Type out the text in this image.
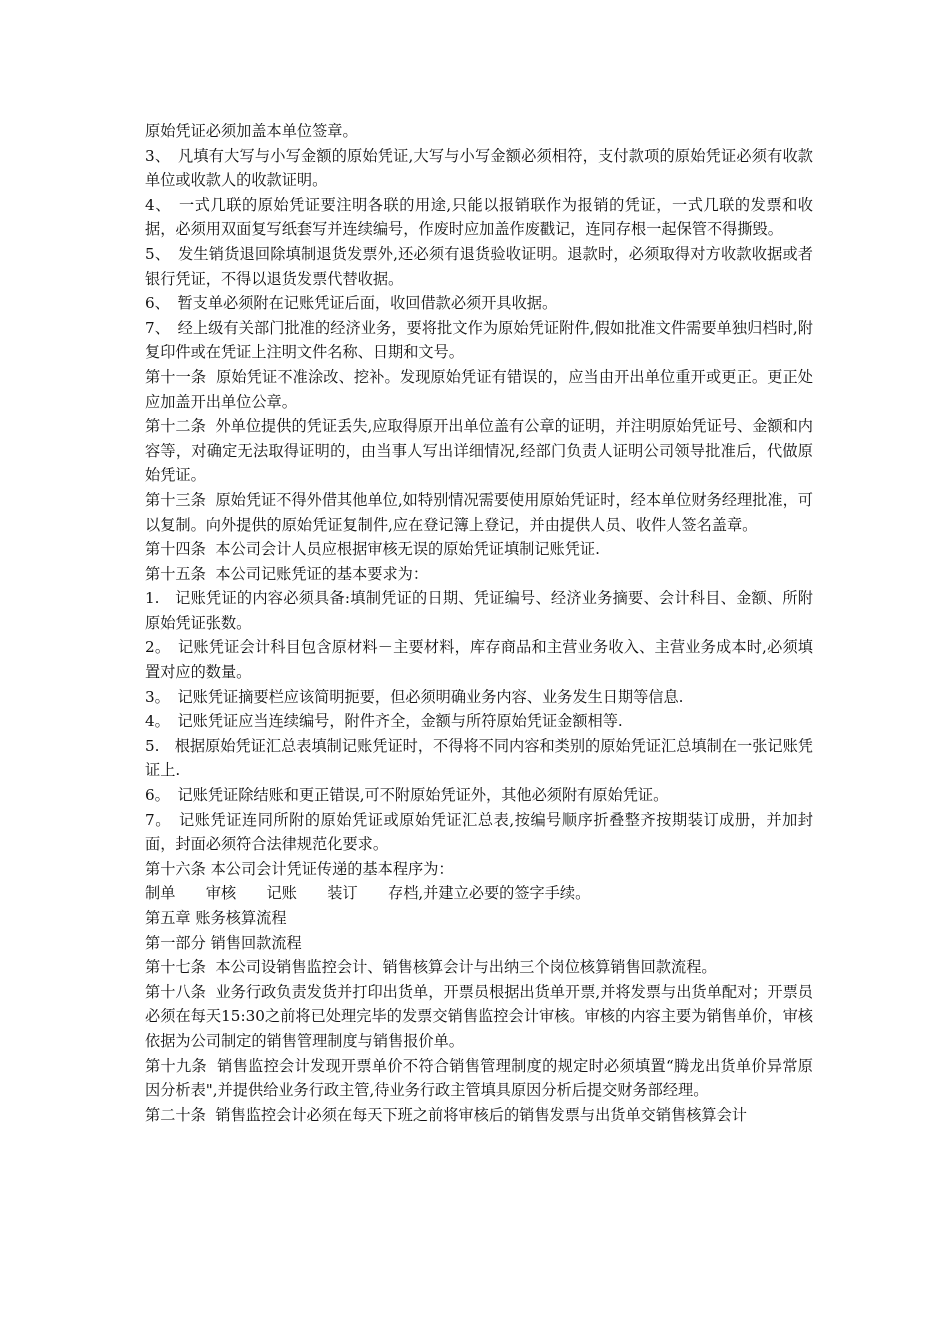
原始凭证必须加盖本单位签章。

3、　凡填有大写与小写金额的原始凭证,大写与小写金额必须相符，支付款项的原始凭证必须有收款单位或收款人的收款证明。

4、　一式几联的原始凭证要注明各联的用途,只能以报销联作为报销的凭证，一式几联的发票和收据，必须用双面复写纸套写并连续编号，作废时应加盖作废戳记，连同存根一起保管不得撕毁。

5、　发生销货退回除填制退货发票外,还必须有退货验收证明。退款时，必须取得对方收款收据或者银行凭证，不得以退货发票代替收据。

6、　暂支单必须附在记账凭证后面，收回借款必须开具收据。

7、　经上级有关部门批准的经济业务，要将批文作为原始凭证附件,假如批准文件需要单独归档时,附复印件或在凭证上注明文件名称、日期和文号。

第十一条  原始凭证不准涂改、挖补。发现原始凭证有错误的，应当由开出单位重开或更正。更正处应加盖开出单位公章。

第十二条  外单位提供的凭证丢失,应取得原开出单位盖有公章的证明，并注明原始凭证号、金额和内容等，对确定无法取得证明的，由当事人写出详细情况,经部门负责人证明公司领导批准后，代做原始凭证。

第十三条  原始凭证不得外借其他单位,如特别情况需要使用原始凭证时，经本单位财务经理批准，可以复制。向外提供的原始凭证复制件,应在登记簿上登记，并由提供人员、收件人签名盖章。

第十四条  本公司会计人员应根据审核无误的原始凭证填制记账凭证.

第十五条  本公司记账凭证的基本要求为：

1.　记账凭证的内容必须具备:填制凭证的日期、凭证编号、经济业务摘要、会计科目、金额、所附原始凭证张数。

2。　记账凭证会计科目包含原材料－主要材料，库存商品和主营业务收入、主营业务成本时,必须填置对应的数量。

3。　记账凭证摘要栏应该简明扼要，但必须明确业务内容、业务发生日期等信息.

4。　记账凭证应当连续编号，附件齐全，金额与所符原始凭证金额相等.

5.　根据原始凭证汇总表填制记账凭证时，不得将不同内容和类别的原始凭证汇总填制在一张记账凭证上.

6。　记账凭证除结账和更正错误,可不附原始凭证外，其他必须附有原始凭证。

7。　记账凭证连同所附的原始凭证或原始凭证汇总表,按编号顺序折叠整齐按期装订成册，并加封面，封面必须符合法律规范化要求。

第十六条 本公司会计凭证传递的基本程序为：

制单　　审核　　记账　　装订　　存档,并建立必要的签字手续。

第五章 账务核算流程

第一部分 销售回款流程

第十七条  本公司设销售监控会计、销售核算会计与出纳三个岗位核算销售回款流程。

第十八条  业务行政负责发货并打印出货单，开票员根据出货单开票,并将发票与出货单配对；开票员必须在每天15:30之前将已处理完毕的发票交销售监控会计审核。审核的内容主要为销售单价，审核依据为公司制定的销售管理制度与销售报价单。

第十九条  销售监控会计发现开票单价不符合销售管理制度的规定时必须填置“腾龙出货单价异常原因分析表",并提供给业务行政主管,待业务行政主管填具原因分析后提交财务部经理。

第二十条  销售监控会计必须在每天下班之前将审核后的销售发票与出货单交销售核算会计
